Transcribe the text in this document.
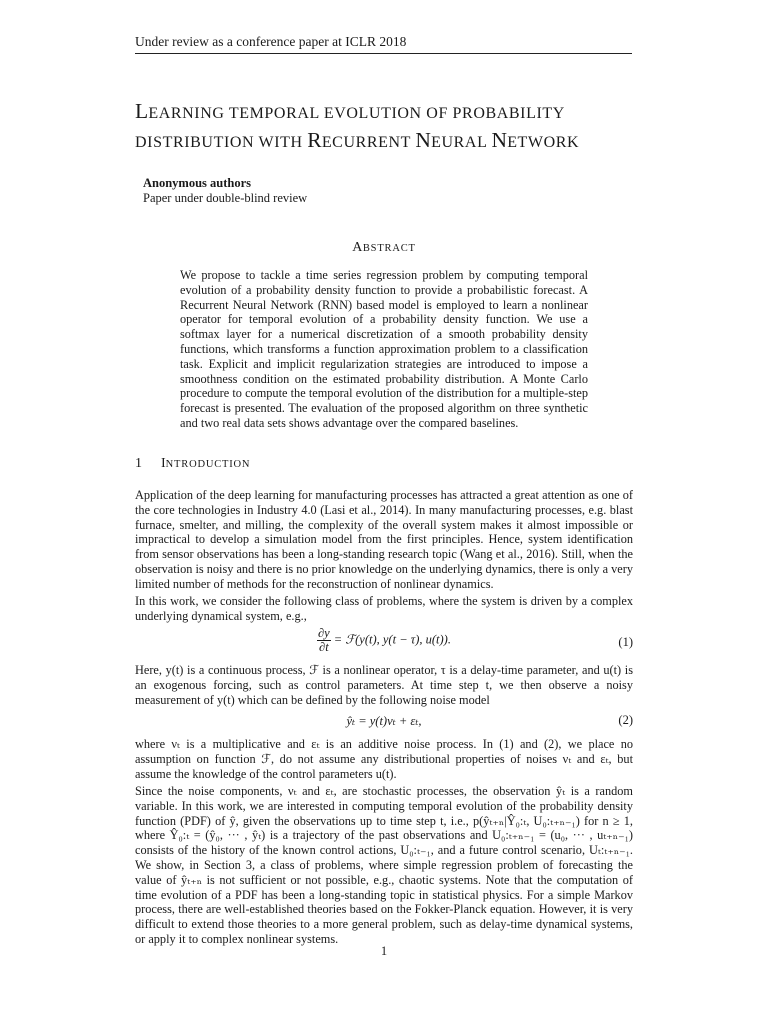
Under review as a conference paper at ICLR 2018
LEARNING TEMPORAL EVOLUTION OF PROBABILITY
DISTRIBUTION WITH RECURRENT NEURAL NETWORK
Anonymous authors
Paper under double-blind review
ABSTRACT
We propose to tackle a time series regression problem by computing temporal evolution of a probability density function to provide a probabilistic forecast. A Recurrent Neural Network (RNN) based model is employed to learn a nonlinear operator for temporal evolution of a probability density function. We use a softmax layer for a numerical discretization of a smooth probability density functions, which transforms a function approximation problem to a classification task. Explicit and implicit regularization strategies are introduced to impose a smoothness condition on the estimated probability distribution. A Monte Carlo procedure to compute the temporal evolution of the distribution for a multiple-step forecast is presented. The evaluation of the proposed algorithm on three synthetic and two real data sets shows advantage over the compared baselines.
1 INTRODUCTION
Application of the deep learning for manufacturing processes has attracted a great attention as one of the core technologies in Industry 4.0 (Lasi et al., 2014). In many manufacturing processes, e.g. blast furnace, smelter, and milling, the complexity of the overall system makes it almost impossible or impractical to develop a simulation model from the first principles. Hence, system identification from sensor observations has been a long-standing research topic (Wang et al., 2016). Still, when the observation is noisy and there is no prior knowledge on the underlying dynamics, there is only a very limited number of methods for the reconstruction of nonlinear dynamics.
In this work, we consider the following class of problems, where the system is driven by a complex underlying dynamical system, e.g.,
$\frac{\partial y}{\partial t}$ = ℱ(y(t), y(t − τ), u(t)).	(1)
Here, y(t) is a continuous process, ℱ is a nonlinear operator, τ is a delay-time parameter, and u(t) is an exogenous forcing, such as control parameters. At time step t, we then observe a noisy measurement of y(t) which can be defined by the following noise model
ŷₜ = y(t)νₜ + εₜ,	(2)
where νₜ is a multiplicative and εₜ is an additive noise process. In (1) and (2), we place no assumption on function ℱ, do not assume any distributional properties of noises νₜ and εₜ, but assume the knowledge of the control parameters u(t).
Since the noise components, νₜ and εₜ, are stochastic processes, the observation ŷₜ is a random variable. In this work, we are interested in computing temporal evolution of the probability density function (PDF) of ŷ, given the observations up to time step t, i.e., p(ŷₜ₊ₙ|Ŷ₀:ₜ, U₀:ₜ₊ₙ₋₁) for n ≥ 1, where Ŷ₀:ₜ = (ŷ₀, ··· , ŷₜ) is a trajectory of the past observations and U₀:ₜ₊ₙ₋₁ = (u₀, ··· , uₜ₊ₙ₋₁) consists of the history of the known control actions, U₀:ₜ₋₁, and a future control scenario, Uₜ:ₜ₊ₙ₋₁. We show, in Section 3, a class of problems, where simple regression problem of forecasting the value of ŷₜ₊ₙ is not sufficient or not possible, e.g., chaotic systems. Note that the computation of time evolution of a PDF has been a long-standing topic in statistical physics. For a simple Markov process, there are well-established theories based on the Fokker-Planck equation. However, it is very difficult to extend those theories to a more general problem, such as delay-time dynamical systems, or apply it to complex nonlinear systems.
1
